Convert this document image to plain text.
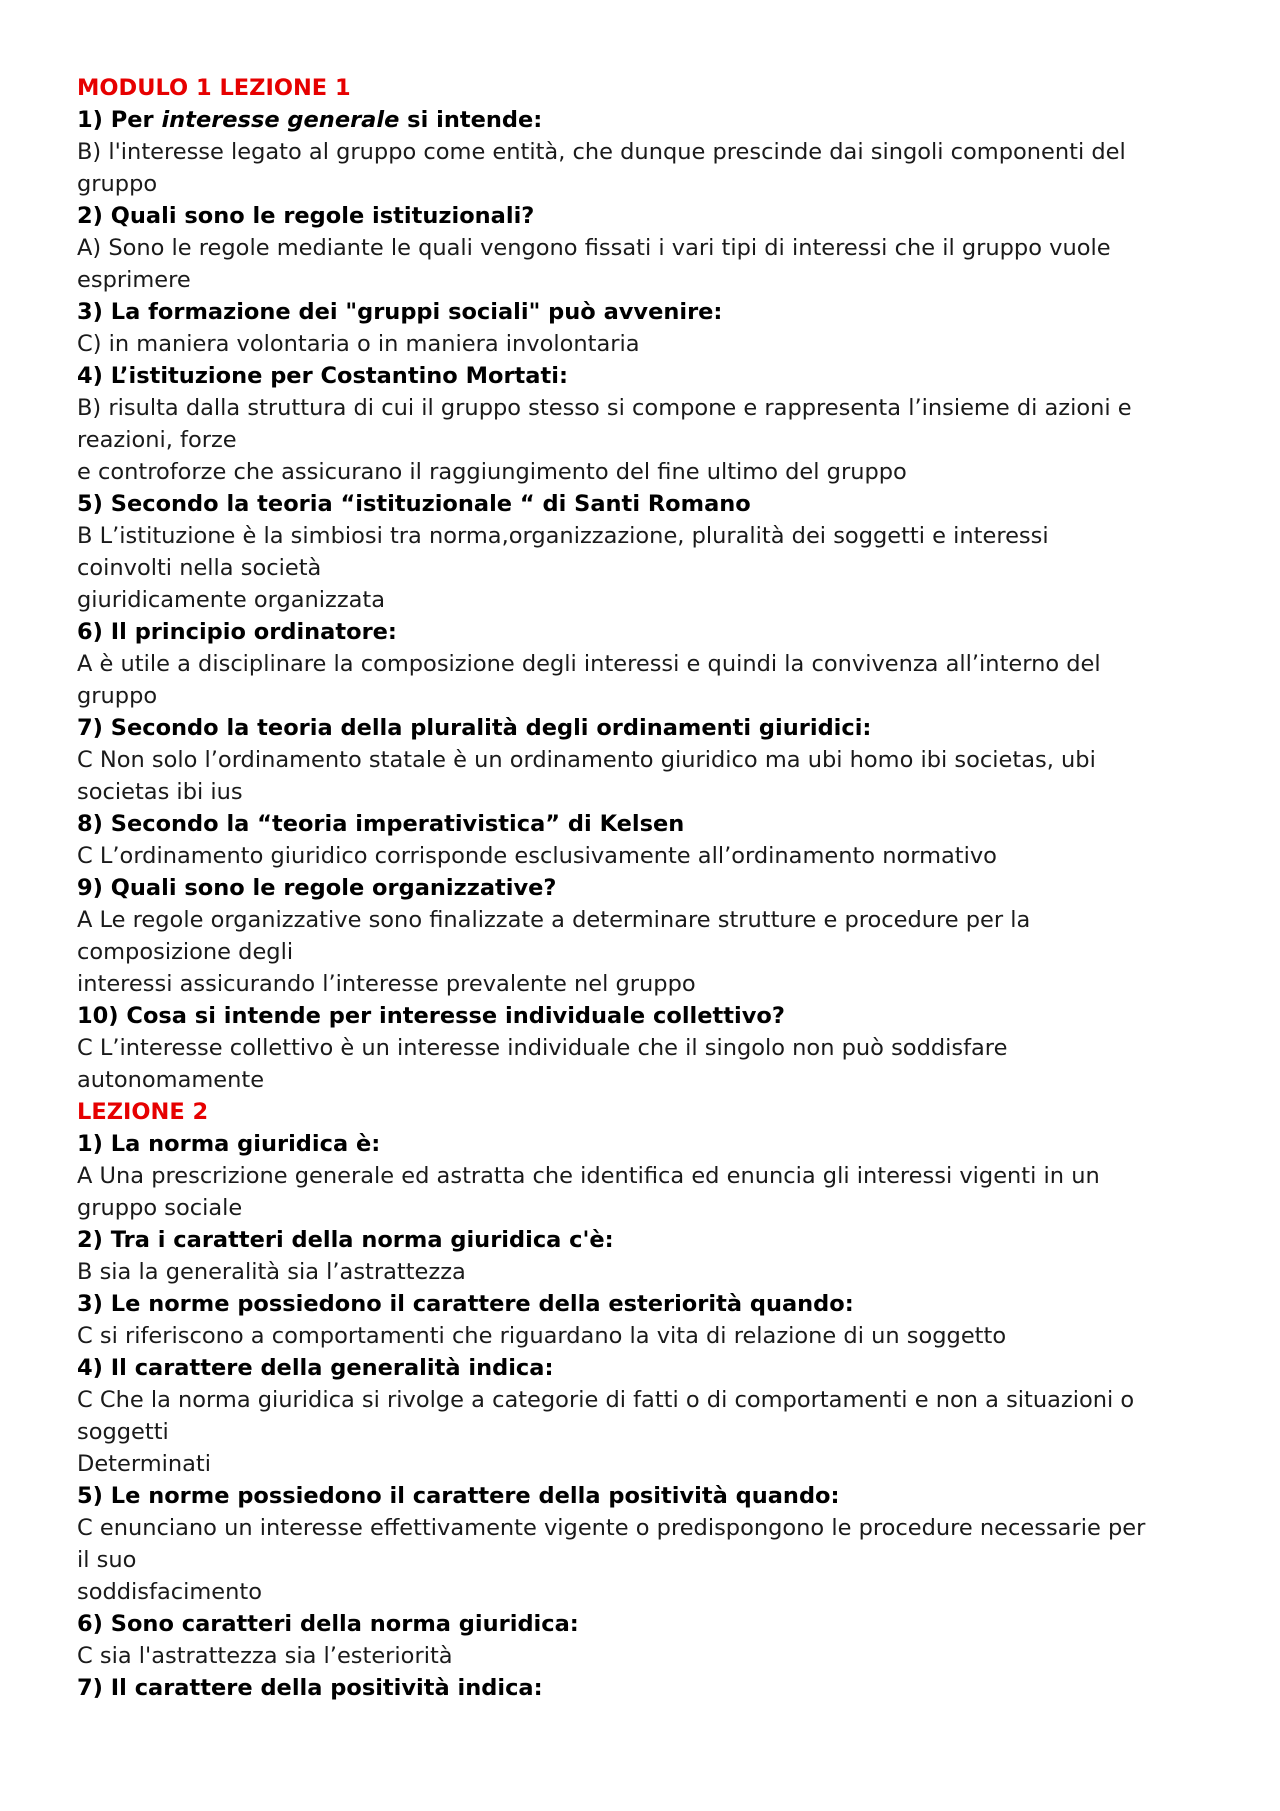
MODULO 1 LEZIONE 1
1) Per interesse generale si intende:
B) l'interesse legato al gruppo come entità, che dunque prescinde dai singoli componenti del
gruppo
2) Quali sono le regole istituzionali?
A) Sono le regole mediante le quali vengono fissati i vari tipi di interessi che il gruppo vuole
esprimere
3) La formazione dei "gruppi sociali" può avvenire:
C) in maniera volontaria o in maniera involontaria
4) L’istituzione per Costantino Mortati:
B) risulta dalla struttura di cui il gruppo stesso si compone e rappresenta l’insieme di azioni e
reazioni, forze
e controforze che assicurano il raggiungimento del fine ultimo del gruppo
5) Secondo la teoria “istituzionale “ di Santi Romano
B L’istituzione è la simbiosi tra norma,organizzazione, pluralità dei soggetti e interessi
coinvolti nella società
giuridicamente organizzata
6) Il principio ordinatore:
A è utile a disciplinare la composizione degli interessi e quindi la convivenza all’interno del
gruppo
7) Secondo la teoria della pluralità degli ordinamenti giuridici:
C Non solo l’ordinamento statale è un ordinamento giuridico ma ubi homo ibi societas, ubi
societas ibi ius
8) Secondo la “teoria imperativistica” di Kelsen
C L’ordinamento giuridico corrisponde esclusivamente all’ordinamento normativo
9) Quali sono le regole organizzative?
A Le regole organizzative sono finalizzate a determinare strutture e procedure per la
composizione degli
interessi assicurando l’interesse prevalente nel gruppo
10) Cosa si intende per interesse individuale collettivo?
C L’interesse collettivo è un interesse individuale che il singolo non può soddisfare
autonomamente
LEZIONE 2
1) La norma giuridica è:
A Una prescrizione generale ed astratta che identifica ed enuncia gli interessi vigenti in un
gruppo sociale
2) Tra i caratteri della norma giuridica c'è:
B sia la generalità sia l’astrattezza
3) Le norme possiedono il carattere della esteriorità quando:
C si riferiscono a comportamenti che riguardano la vita di relazione di un soggetto
4) Il carattere della generalità indica:
C Che la norma giuridica si rivolge a categorie di fatti o di comportamenti e non a situazioni o
soggetti
Determinati
5) Le norme possiedono il carattere della positività quando:
C enunciano un interesse effettivamente vigente o predispongono le procedure necessarie per
il suo
soddisfacimento
6) Sono caratteri della norma giuridica:
C sia l'astrattezza sia l’esteriorità
7) Il carattere della positività indica:
